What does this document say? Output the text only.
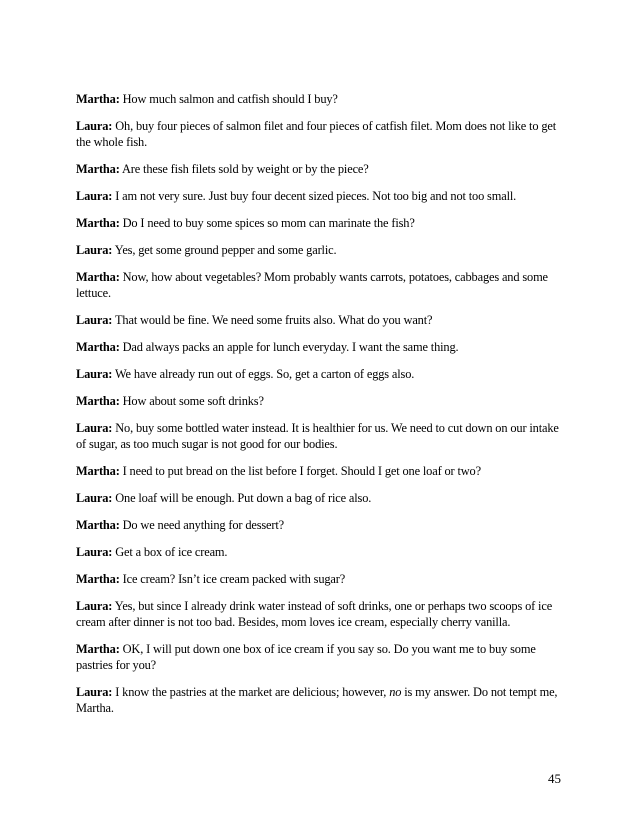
Martha: How much salmon and catfish should I buy?

Laura: Oh, buy four pieces of salmon filet and four pieces of catfish filet. Mom does not like to get the whole fish.

Martha: Are these fish filets sold by weight or by the piece?

Laura: I am not very sure. Just buy four decent sized pieces. Not too big and not too small.

Martha: Do I need to buy some spices so mom can marinate the fish?

Laura: Yes, get some ground pepper and some garlic.

Martha: Now, how about vegetables? Mom probably wants carrots, potatoes, cabbages and some lettuce.

Laura: That would be fine. We need some fruits also. What do you want?

Martha: Dad always packs an apple for lunch everyday. I want the same thing.

Laura: We have already run out of eggs. So, get a carton of eggs also.

Martha: How about some soft drinks?

Laura: No, buy some bottled water instead. It is healthier for us. We need to cut down on our intake of sugar, as too much sugar is not good for our bodies.

Martha: I need to put bread on the list before I forget. Should I get one loaf or two?

Laura: One loaf will be enough. Put down a bag of rice also.

Martha: Do we need anything for dessert?

Laura: Get a box of ice cream.

Martha: Ice cream? Isn’t ice cream packed with sugar?

Laura: Yes, but since I already drink water instead of soft drinks, one or perhaps two scoops of ice cream after dinner is not too bad. Besides, mom loves ice cream, especially cherry vanilla.

Martha: OK, I will put down one box of ice cream if you say so. Do you want me to buy some pastries for you?

Laura: I know the pastries at the market are delicious; however, no is my answer. Do not tempt me, Martha.

45
